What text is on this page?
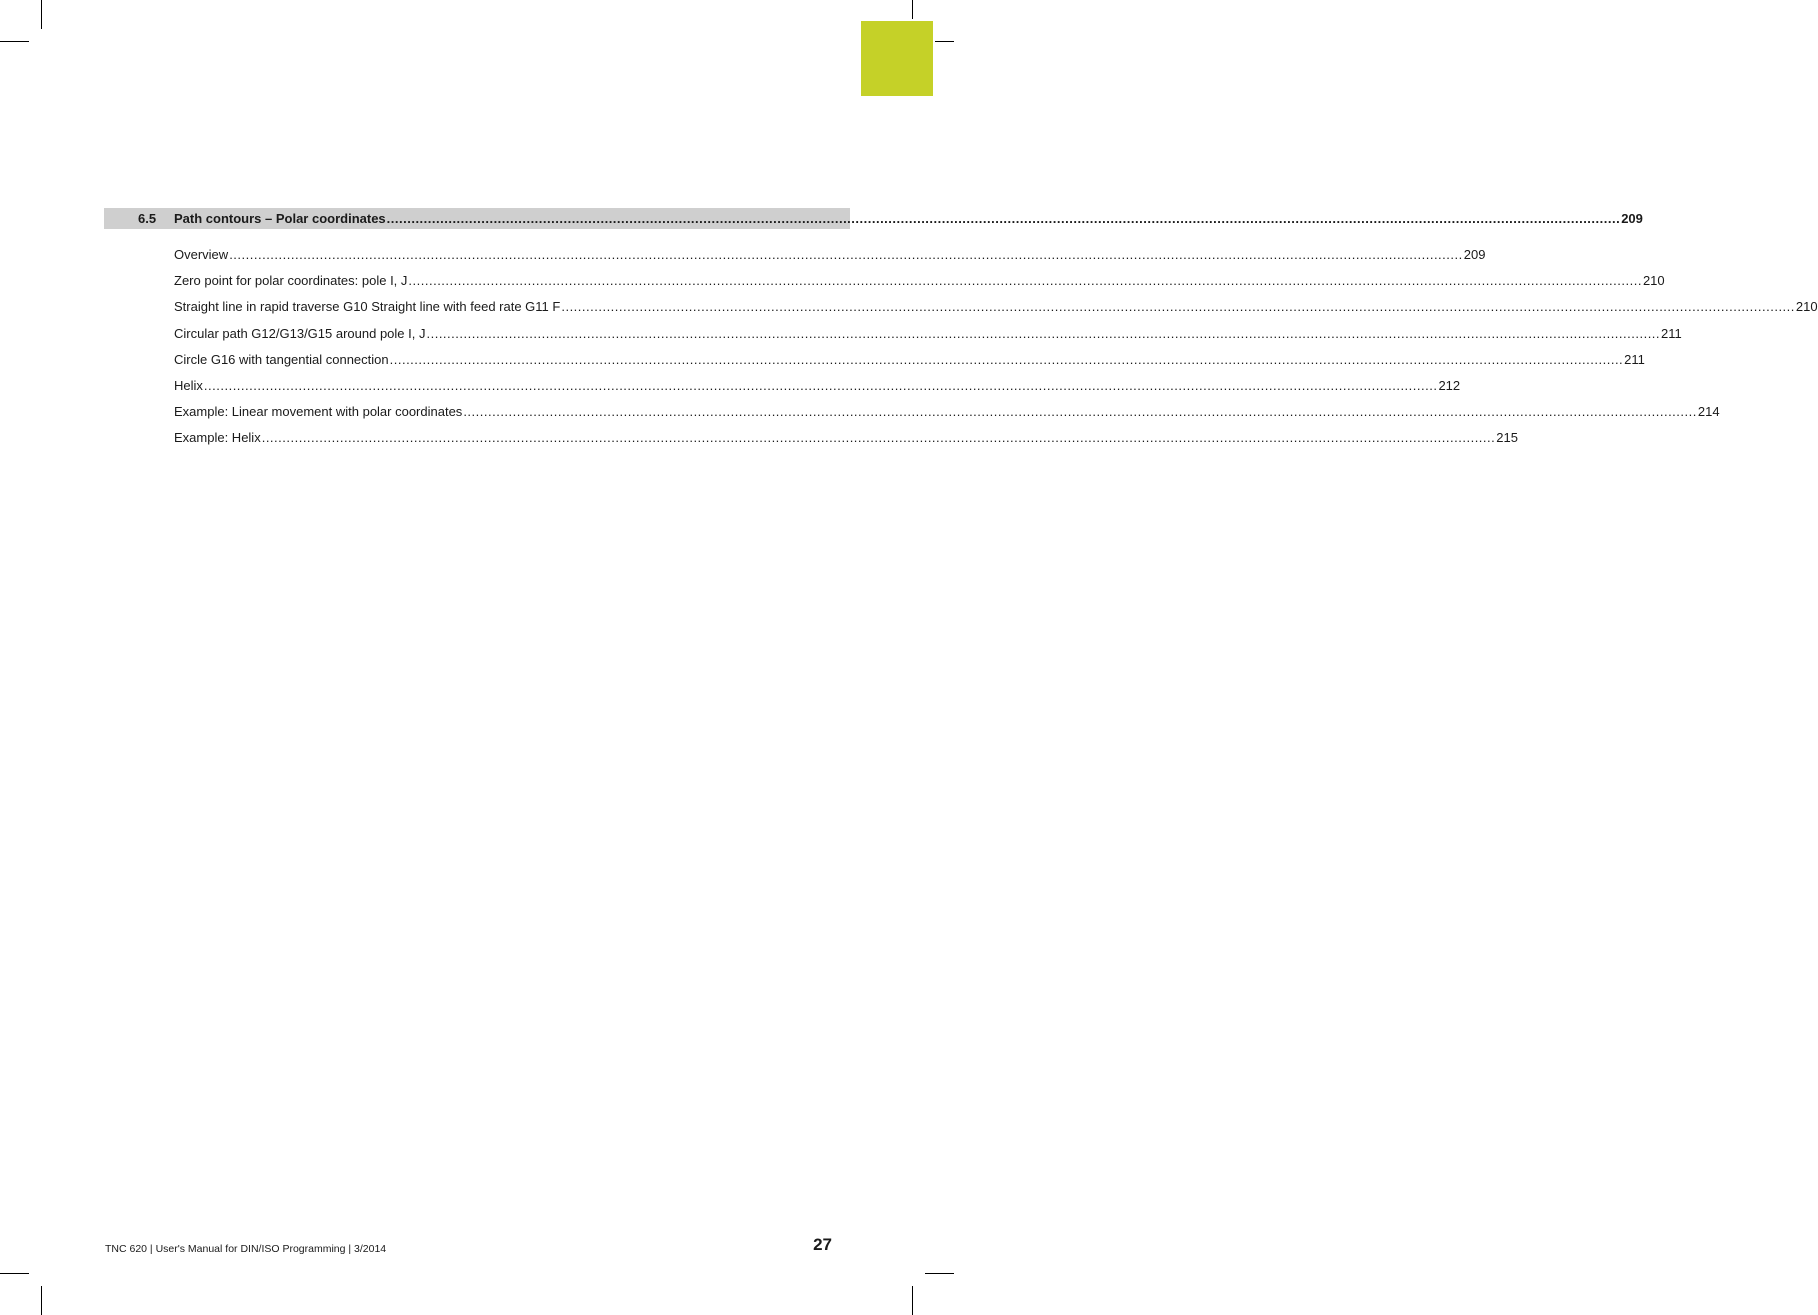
6.5 Path contours – Polar coordinates ............................................................................................................................................................................................................................................................................................................ 209
Overview ............................................................................................................................................................................................................................................................................................................ 209
Zero point for polar coordinates: pole I, J ............................................................................................................................................................................................................................................................................................................ 210
Straight line in rapid traverse G10 Straight line with feed rate G11 F ............................................................................................................................................................................................................................................................................................................ 210
Circular path G12/G13/G15 around pole I, J ............................................................................................................................................................................................................................................................................................................ 211
Circle G16 with tangential connection ............................................................................................................................................................................................................................................................................................................ 211
Helix ............................................................................................................................................................................................................................................................................................................ 212
Example: Linear movement with polar coordinates ............................................................................................................................................................................................................................................................................................................ 214
Example: Helix ............................................................................................................................................................................................................................................................................................................ 215
TNC 620 | User's Manual for DIN/ISO Programming | 3/2014	27
